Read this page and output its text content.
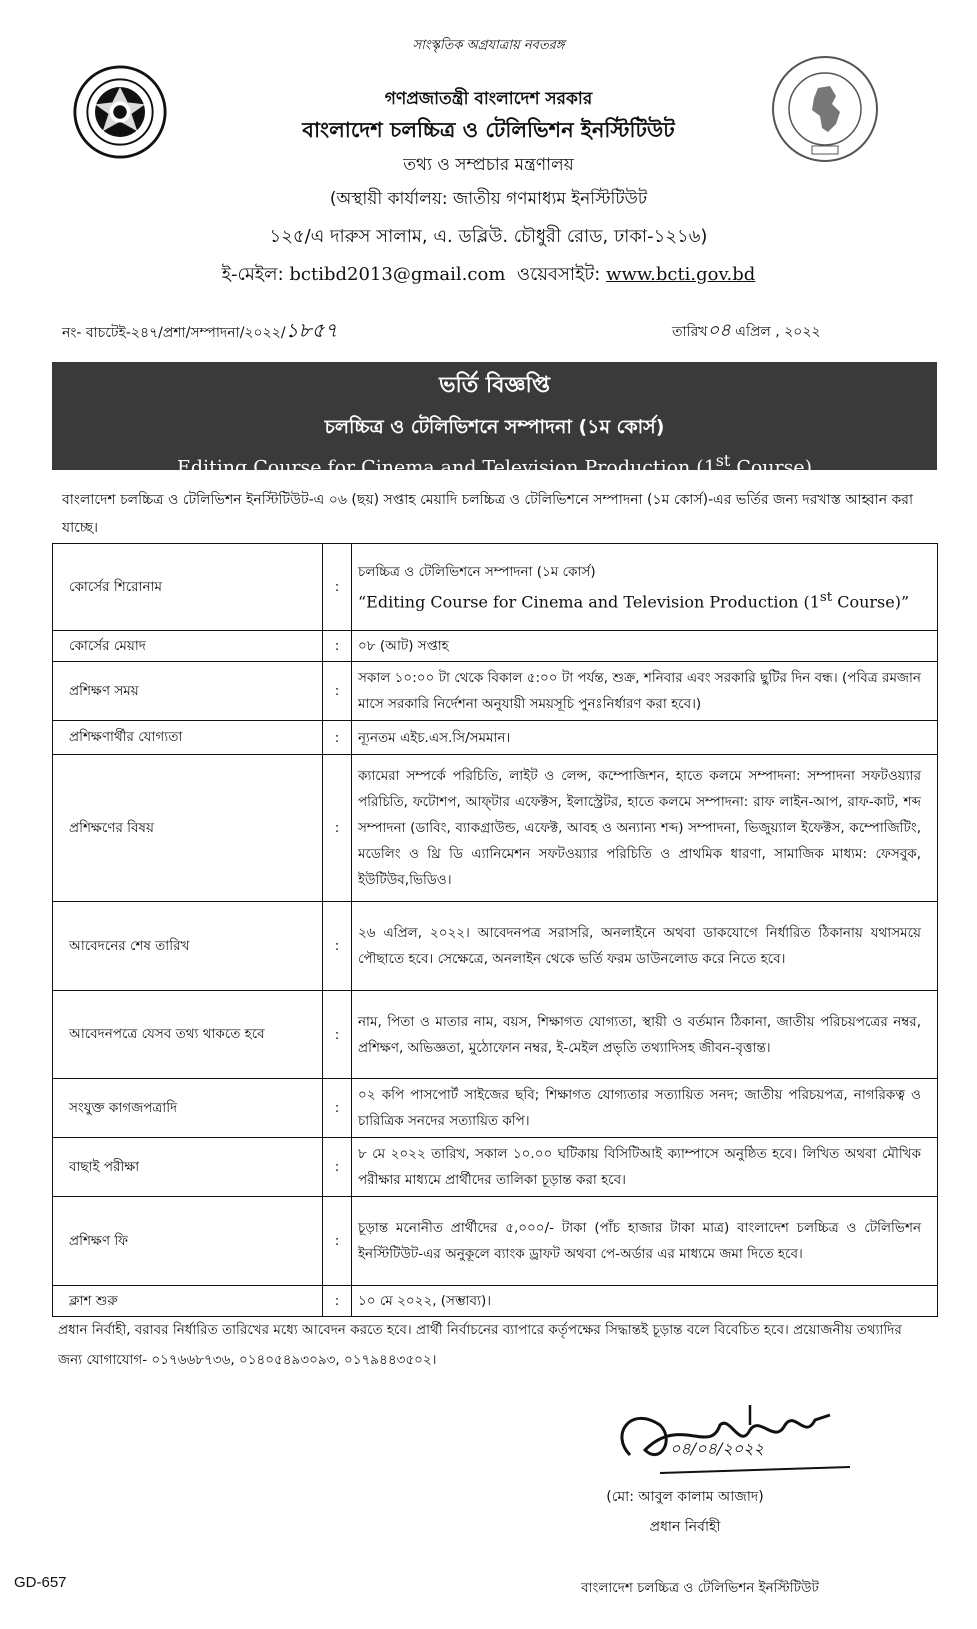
সাংস্কৃতিক অগ্রযাত্রায় নবতরঙ্গ
গণপ্রজাতন্ত্রী বাংলাদেশ সরকার
বাংলাদেশ চলচ্চিত্র ও টেলিভিশন ইনস্টিটিউট
তথ্য ও সম্প্রচার মন্ত্রণালয়
(অস্থায়ী কার্যালয়: জাতীয় গণমাধ্যম ইনস্টিটিউট
১২৫/এ দারুস সালাম, এ. ডব্লিউ. চৌধুরী রোড, ঢাকা-১২১৬)
ই-মেইল: bctibd2013@gmail.com ওয়েবসাইট: www.bcti.gov.bd
নং- বাচটেই-২৪৭/প্রশা/সম্পাদনা/২০২২/১৮৫৭	তারিখ০৪ এপ্রিল , ২০২২
ভর্তি বিজ্ঞপ্তি
চলচ্চিত্র ও টেলিভিশনে সম্পাদনা (১ম কোর্স)
Editing Course for Cinema and Television Production (1st Course)
বাংলাদেশ চলচ্চিত্র ও টেলিভিশন ইনস্টিটিউট-এ ০৬ (ছয়) সপ্তাহ মেয়াদি চলচ্চিত্র ও টেলিভিশনে সম্পাদনা (১ম কোর্স)-এর ভর্তির জন্য দরখাস্ত আহ্বান করা যাচ্ছে।
কোর্সের শিরোনাম	:	চলচ্চিত্র ও টেলিভিশনে সম্পাদনা (১ম কোর্স)
“Editing Course for Cinema and Television Production (1st Course)”

কোর্সের মেয়াদ	:	০৮ (আট) সপ্তাহ
প্রশিক্ষণ সময়	:	সকাল ১০:০০ টা থেকে বিকাল ৫:০০ টা পর্যন্ত, শুক্র, শনিবার এবং সরকারি ছুটির দিন বন্ধ। (পবিত্র রমজান মাসে সরকারি নির্দেশনা অনুযায়ী সময়সূচি পুনঃনির্ধারণ করা হবে।)
প্রশিক্ষণার্থীর যোগ্যতা	:	ন্যূনতম এইচ.এস.সি/সমমান।
প্রশিক্ষণের বিষয়	:	ক্যামেরা সম্পর্কে পরিচিতি, লাইট ও লেন্স, কম্পোজিশন, হাতে কলমে সম্পাদনা: সম্পাদনা সফটওয়্যার পরিচিতি, ফটোশপ, আফ্‌টার এফেক্টস, ইলাস্ট্রেটর, হাতে কলমে সম্পাদনা: রাফ লাইন-আপ, রাফ-কাট, শব্দ সম্পাদনা (ডাবিং, ব্যাকগ্রাউন্ড, এফেক্ট, আবহ ও অন্যান্য শব্দ) সম্পাদনা, ভিজুয়্যাল ইফেক্টস, কম্পোজিটিং, মডেলিং ও থ্রি ডি এ্যানিমেশন সফটওয়্যার পরিচিতি ও প্রাথমিক ধারণা, সামাজিক মাধ্যম: ফেসবুক, ইউটিউব,ভিডিও।
আবেদনের শেষ তারিখ	:	২৬ এপ্রিল, ২০২২। আবেদনপত্র সরাসরি, অনলাইনে অথবা ডাকযোগে নির্ধারিত ঠিকানায় যথাসময়ে পৌছাতে হবে। সেক্ষেত্রে, অনলাইন থেকে ভর্তি ফরম ডাউনলোড করে নিতে হবে।
আবেদনপত্রে যেসব তথ্য থাকতে হবে	:	নাম, পিতা ও মাতার নাম, বয়স, শিক্ষাগত যোগ্যতা, স্থায়ী ও বর্তমান ঠিকানা, জাতীয় পরিচয়পত্রের নম্বর, প্রশিক্ষণ, অভিজ্ঞতা, মুঠোফোন নম্বর, ই-মেইল প্রভৃতি তথ্যাদিসহ জীবন-বৃত্তান্ত।
সংযুক্ত কাগজপত্রাদি	:	০২ কপি পাসপোর্ট সাইজের ছবি; শিক্ষাগত যোগ্যতার সত্যায়িত সনদ; জাতীয় পরিচয়পত্র, নাগরিকত্ব ও চারিত্রিক সনদের সত্যায়িত কপি।
বাছাই পরীক্ষা	:	৮ মে ২০২২ তারিখ, সকাল ১০.০০ ঘটিকায় বিসিটিআই ক্যাম্পাসে অনুষ্ঠিত হবে। লিখিত অথবা মৌখিক পরীক্ষার মাধ্যমে প্রার্থীদের তালিকা চূড়ান্ত করা হবে।
প্রশিক্ষণ ফি	:	চূড়ান্ত মনোনীত প্রার্থীদের ৫,০০০/- টাকা (পাঁচ হাজার টাকা মাত্র) বাংলাদেশ চলচ্চিত্র ও টেলিভিশন ইনস্টিটিউট-এর অনুকূলে ব্যাংক ড্রাফট অথবা পে-অর্ডার এর মাধ্যমে জমা দিতে হবে।
ক্লাশ শুরু	:	১০ মে ২০২২, (সম্ভাব্য)।
প্রধান নির্বাহী, বরাবর নির্ধারিত তারিখের মধ্যে আবেদন করতে হবে। প্রার্থী নির্বাচনের ব্যাপারে কর্তৃপক্ষের সিদ্ধান্তই চূড়ান্ত বলে বিবেচিত হবে। প্রয়োজনীয় তথ্যাদির জন্য যোগাযোগ- ০১৭৬৬৮৭৩৬, ০১৪০৫৪৯৩০৯৩, ০১৭৯৪৪৩৫০২।
০৪/০৪/২০২২
(মো: আবুল কালাম আজাদ)
প্রধান নির্বাহী
বাংলাদেশ চলচ্চিত্র ও টেলিভিশন ইনস্টিটিউট
GD-657
